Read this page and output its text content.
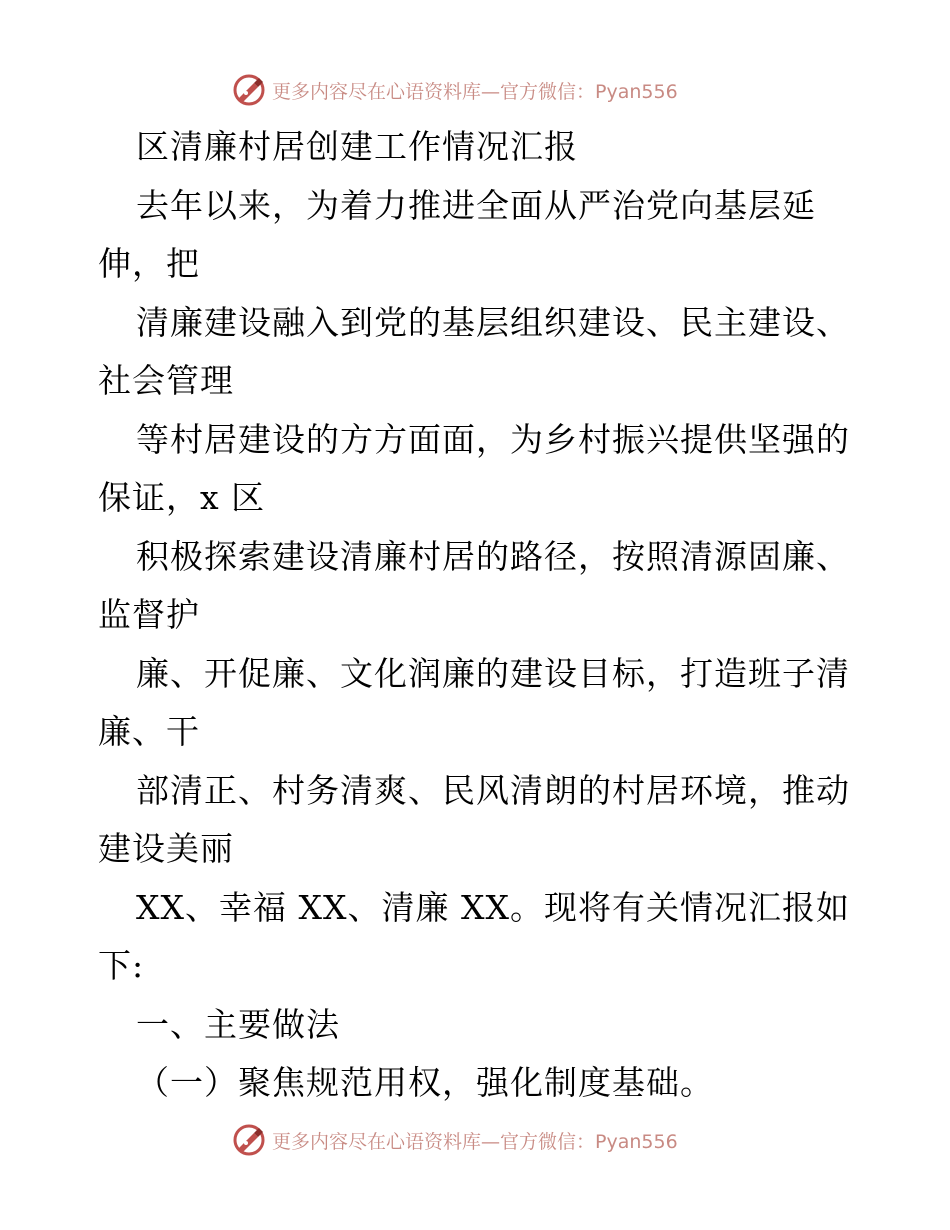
更多内容尽在心语资料库—官方微信：Pyan556
区清廉村居创建工作情况汇报
去年以来，为着力推进全面从严治党向基层延
伸，把
清廉建设融入到党的基层组织建设、民主建设、
社会管理
等村居建设的方方面面，为乡村振兴提供坚强的
保证，x 区
积极探索建设清廉村居的路径，按照清源固廉、
监督护
廉、开促廉、文化润廉的建设目标，打造班子清
廉、干
部清正、村务清爽、民风清朗的村居环境，推动
建设美丽
XX、幸福 XX、清廉 XX。现将有关情况汇报如
下:
一、主要做法
（一）聚焦规范用权，强化制度基础。
更多内容尽在心语资料库—官方微信：Pyan556
